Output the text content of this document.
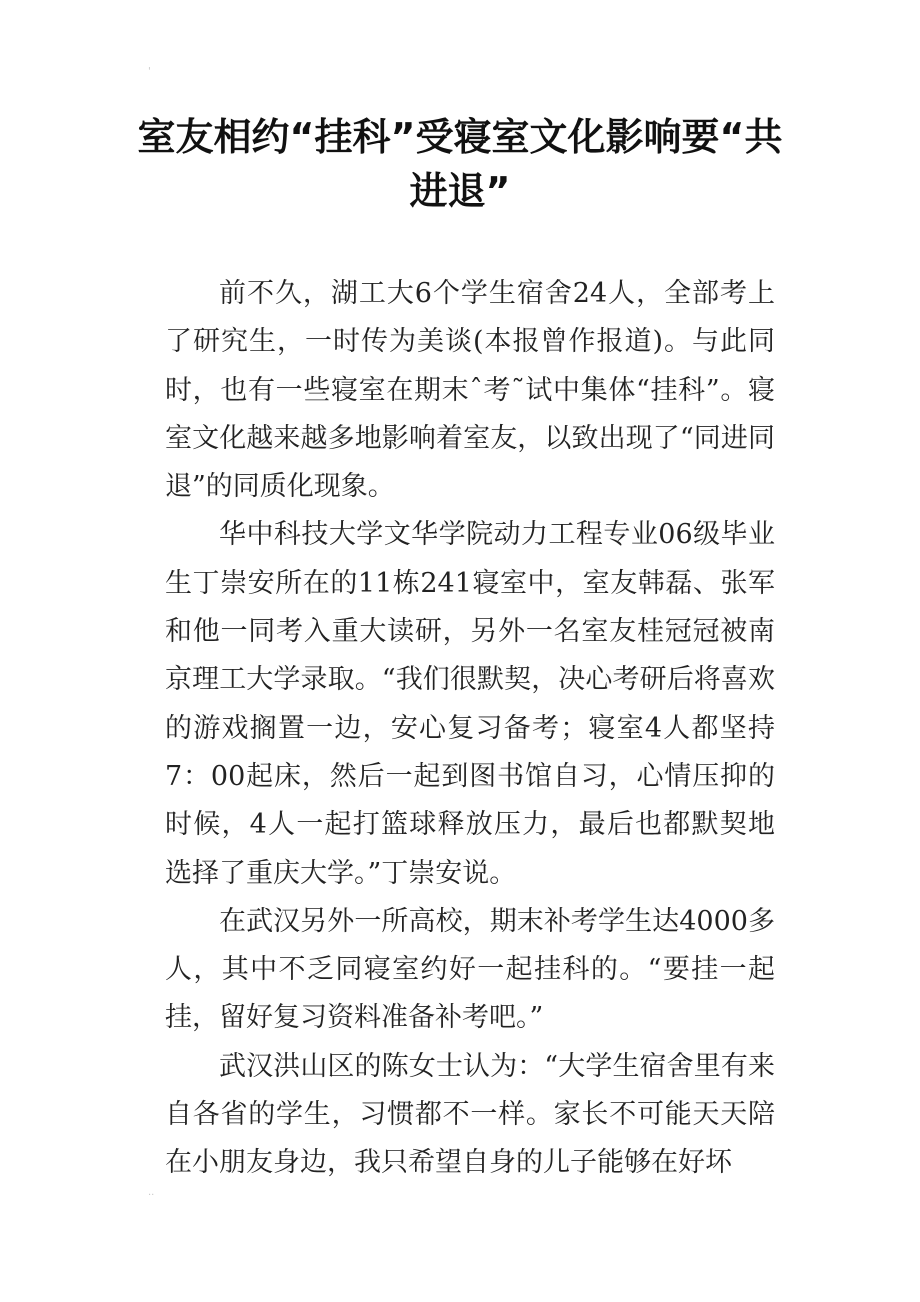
'
室友相约“挂科”受寝室文化影响要“共进退”

前不久，湖工大6个学生宿舍24人，全部考上了研究生，一时传为美谈(本报曾作报道)。与此同时，也有一些寝室在期末ˆ考˜试中集体“挂科”。寝室文化越来越多地影响着室友，以致出现了“同进同退”的同质化现象。

华中科技大学文华学院动力工程专业06级毕业生丁崇安所在的11栋241寝室中，室友韩磊、张军和他一同考入重大读研，另外一名室友桂冠冠被南京理工大学录取。“我们很默契，决心考研后将喜欢的游戏搁置一边，安心复习备考；寝室4人都坚持7：00起床，然后一起到图书馆自习，心情压抑的时候，4人一起打篮球释放压力，最后也都默契地选择了重庆大学。”丁崇安说。

在武汉另外一所高校，期末补考学生达4000多人，其中不乏同寝室约好一起挂科的。“要挂一起挂，留好复习资料准备补考吧。”

武汉洪山区的陈女士认为：“大学生宿舍里有来自各省的学生，习惯都不一样。家长不可能天天陪在小朋友身边，我只希望自身的儿子能够在好坏

··
